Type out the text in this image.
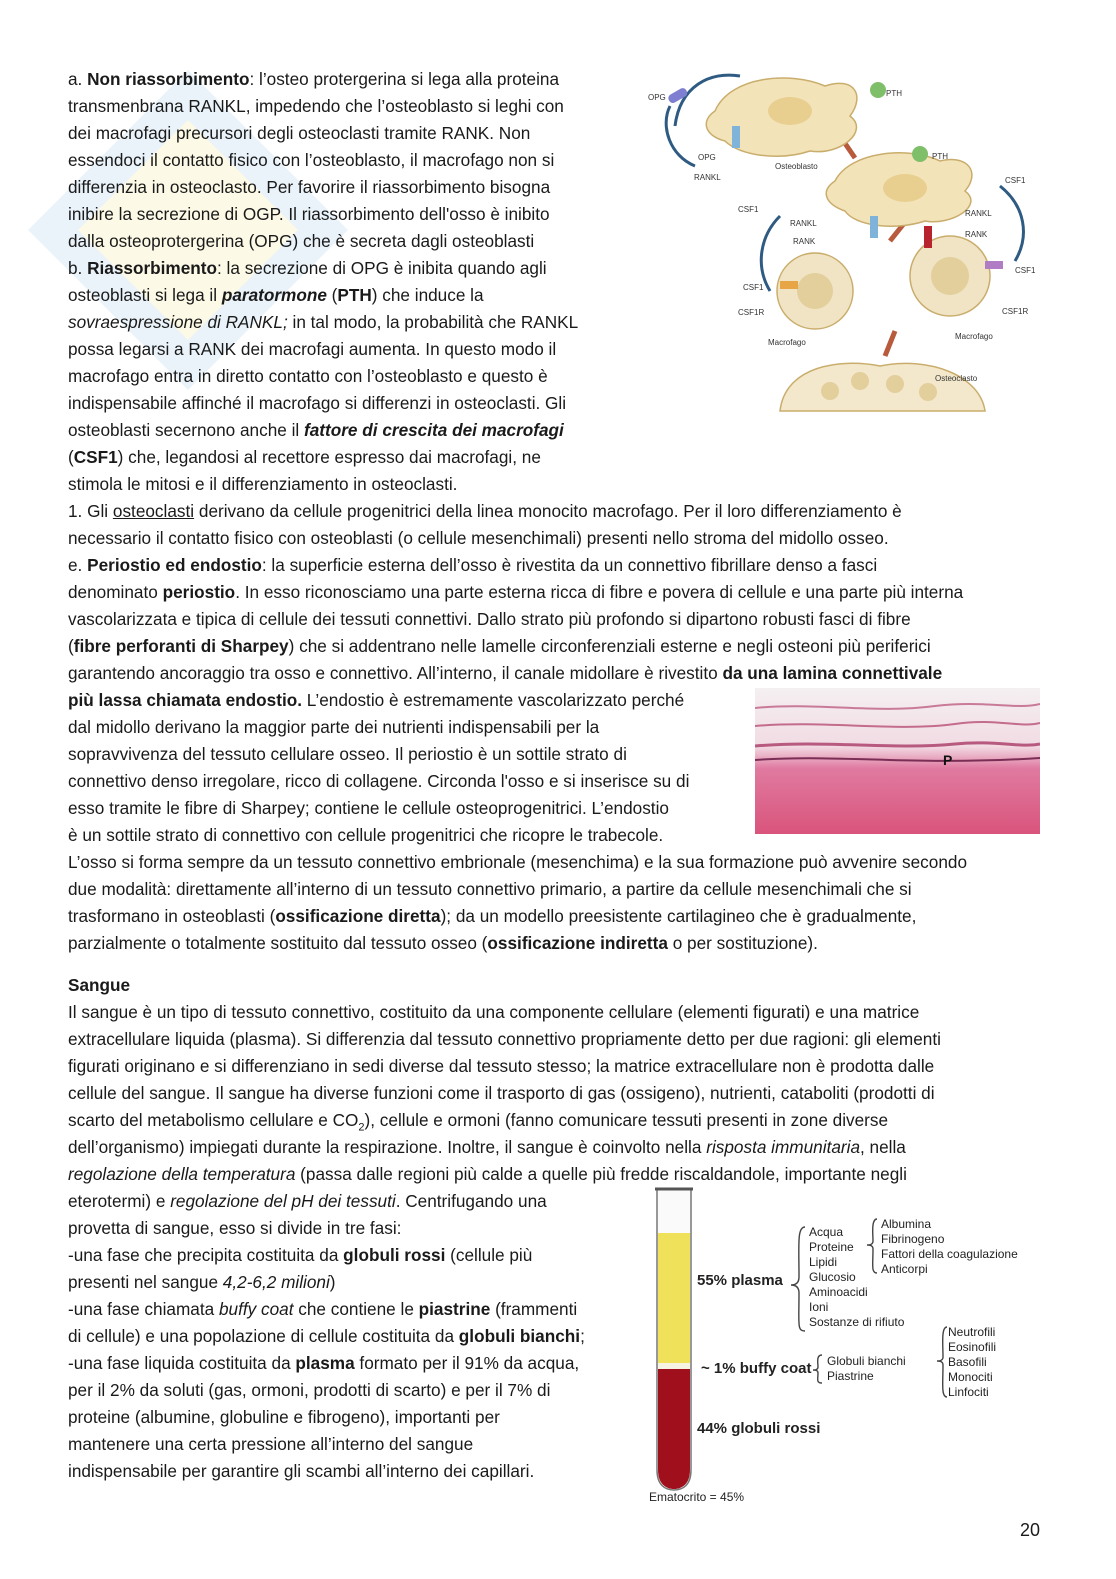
a. Non riassorbimento: l’osteo protergerina si lega alla proteina
transmenbrana RANKL, impedendo che l’osteoblasto si leghi con
dei macrofagi precursori degli osteoclasti tramite RANK. Non
essendoci il contatto fisico con l’osteoblasto, il macrofago non si
differenzia in osteoclasto. Per favorire il riassorbimento bisogna
inibire la secrezione di OGP. Il riassorbimento dell'osso è inibito
dalla osteoprotergerina (OPG) che è secreta dagli osteoblasti
b. Riassorbimento: la secrezione di OPG è inibita quando agli
osteoblasti si lega il paratormone (PTH) che induce la
sovraespressione di RANKL; in tal modo, la probabilità che RANKL
possa legarsi a RANK dei macrofagi aumenta. In questo modo il
macrofago entra in diretto contatto con l’osteoblasto e questo è
indispensabile affinché il macrofago si differenzi in osteoclasti. Gli
osteoblasti secernono anche il fattore di crescita dei macrofagi
(CSF1) che, legandosi al recettore espresso dai macrofagi, ne
stimola le mitosi e il differenziamento in osteoclasti.
OPG	PTH
OPG
RANKL
Osteoblasto
PTH
CSF1
CSF1
RANKL
RANK
RANKL
RANK
CSF1
CSF1
CSF1R	CSF1R
Macrofago
Macrofago
Osteoclasto
1. Gli osteoclasti derivano da cellule progenitrici della linea monocito macrofago. Per il loro differenziamento è
necessario il contatto fisico con osteoblasti (o cellule mesenchimali) presenti nello stroma del midollo osseo.
e. Periostio ed endostio: la superficie esterna dell’osso è rivestita da un connettivo fibrillare denso a fasci
denominato periostio. In esso riconosciamo una parte esterna ricca di fibre e povera di cellule e una parte più interna
vascolarizzata e tipica di cellule dei tessuti connettivi. Dallo strato più profondo si dipartono robusti fasci di fibre
(fibre perforanti di Sharpey) che si addentrano nelle lamelle circonferenziali esterne e negli osteoni più periferici
garantendo ancoraggio tra osso e connettivo. All’interno, il canale midollare è rivestito da una lamina connettivale
più lassa chiamata endostio. L’endostio è estremamente vascolarizzato perché
dal midollo derivano la maggior parte dei nutrienti indispensabili per la
sopravvivenza del tessuto cellulare osseo. Il periostio è un sottile strato di
connettivo denso irregolare, ricco di collagene. Circonda l'osso e si inserisce su di
esso tramite le fibre di Sharpey; contiene le cellule osteoprogenitrici. L’endostio
è un sottile strato di connettivo con cellule progenitrici che ricopre le trabecole.
L’osso si forma sempre da un tessuto connettivo embrionale (mesenchima) e la sua formazione può avvenire secondo
due modalità: direttamente all’interno di un tessuto connettivo primario, a partire da cellule mesenchimali che si
trasformano in osteoblasti (ossificazione diretta); da un modello preesistente cartilagineo che è gradualmente,
parzialmente o totalmente sostituito dal tessuto osseo (ossificazione indiretta o per sostituzione).
P
Sangue
Il sangue è un tipo di tessuto connettivo, costituito da una componente cellulare (elementi figurati) e una matrice
extracellulare liquida (plasma). Si differenzia dal tessuto connettivo propriamente detto per due ragioni: gli elementi
figurati originano e si differenziano in sedi diverse dal tessuto stesso; la matrice extracellulare non è prodotta dalle
cellule del sangue. Il sangue ha diverse funzioni come il trasporto di gas (ossigeno), nutrienti, cataboliti (prodotti di
scarto del metabolismo cellulare e $CO_2$), cellule e ormoni (fanno comunicare tessuti presenti in zone diverse
dell’organismo) impiegati durante la respirazione. Inoltre, il sangue è coinvolto nella risposta immunitaria, nella
regolazione della temperatura (passa dalle regioni più calde a quelle più fredde riscaldandole, importante negli
eterotermi) e regolazione del pH dei tessuti. Centrifugando una
provetta di sangue, esso si divide in tre fasi:
-una fase che precipita costituita da globuli rossi (cellule più
presenti nel sangue 4,2-6,2 milioni)
-una fase chiamata buffy coat che contiene le piastrine (frammenti
di cellule) e una popolazione di cellule costituita da globuli bianchi;
-una fase liquida costituita da plasma formato per il 91% da acqua,
per il 2% da soluti (gas, ormoni, prodotti di scarto) e per il 7% di
proteine (albumine, globuline e fibrogeno), importanti per
mantenere una certa pressione all’interno del sangue
indispensabile per garantire gli scambi all’interno dei capillari.
55% plasma
~ 1% buffy coat
44% globuli rossi
Ematocrito = 45%
Acqua
Proteine
Lipidi
Glucosio
Aminoacidi
Ioni
Sostanze di rifiuto
Albumina
Fibrinogeno
Fattori della coagulazione
Anticorpi
Globuli bianchi
Piastrine
Neutrofili
Eosinofili
Basofili
Monociti
Linfociti
20
